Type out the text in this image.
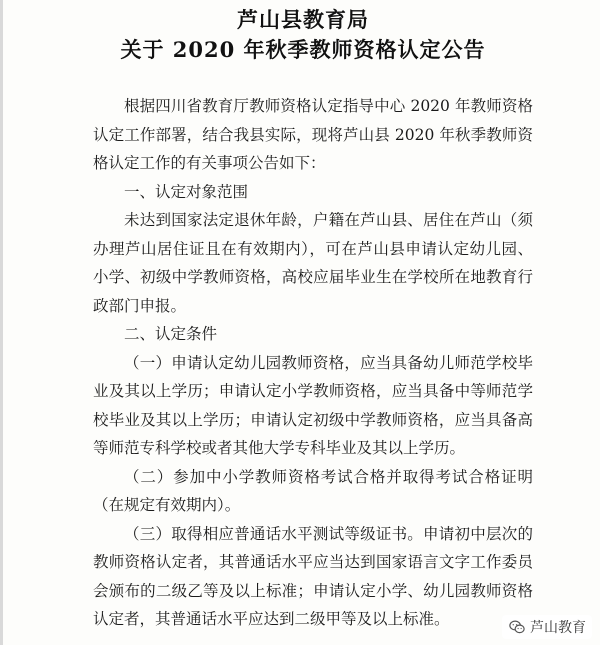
芦山县教育局
关于 2020 年秋季教师资格认定公告

根据四川省教育厅教师资格认定指导中心 2020 年教师资格认定工作部署，结合我县实际，现将芦山县 2020 年秋季教师资格认定工作的有关事项公告如下：

一、认定对象范围

未达到国家法定退休年龄，户籍在芦山县、居住在芦山（须办理芦山居住证且在有效期内），可在芦山县申请认定幼儿园、小学、初级中学教师资格，高校应届毕业生在学校所在地教育行政部门申报。

二、认定条件

（一）申请认定幼儿园教师资格，应当具备幼儿师范学校毕业及其以上学历；申请认定小学教师资格，应当具备中等师范学校毕业及其以上学历；申请认定初级中学教师资格，应当具备高等师范专科学校或者其他大学专科毕业及其以上学历。

（二）参加中小学教师资格考试合格并取得考试合格证明（在规定有效期内）。

（三）取得相应普通话水平测试等级证书。申请初中层次的教师资格认定者，其普通话水平应当达到国家语言文字工作委员会颁布的二级乙等及以上标准；申请认定小学、幼儿园教师资格认定者，其普通话水平应达到二级甲等及以上标准。	芦山教育
